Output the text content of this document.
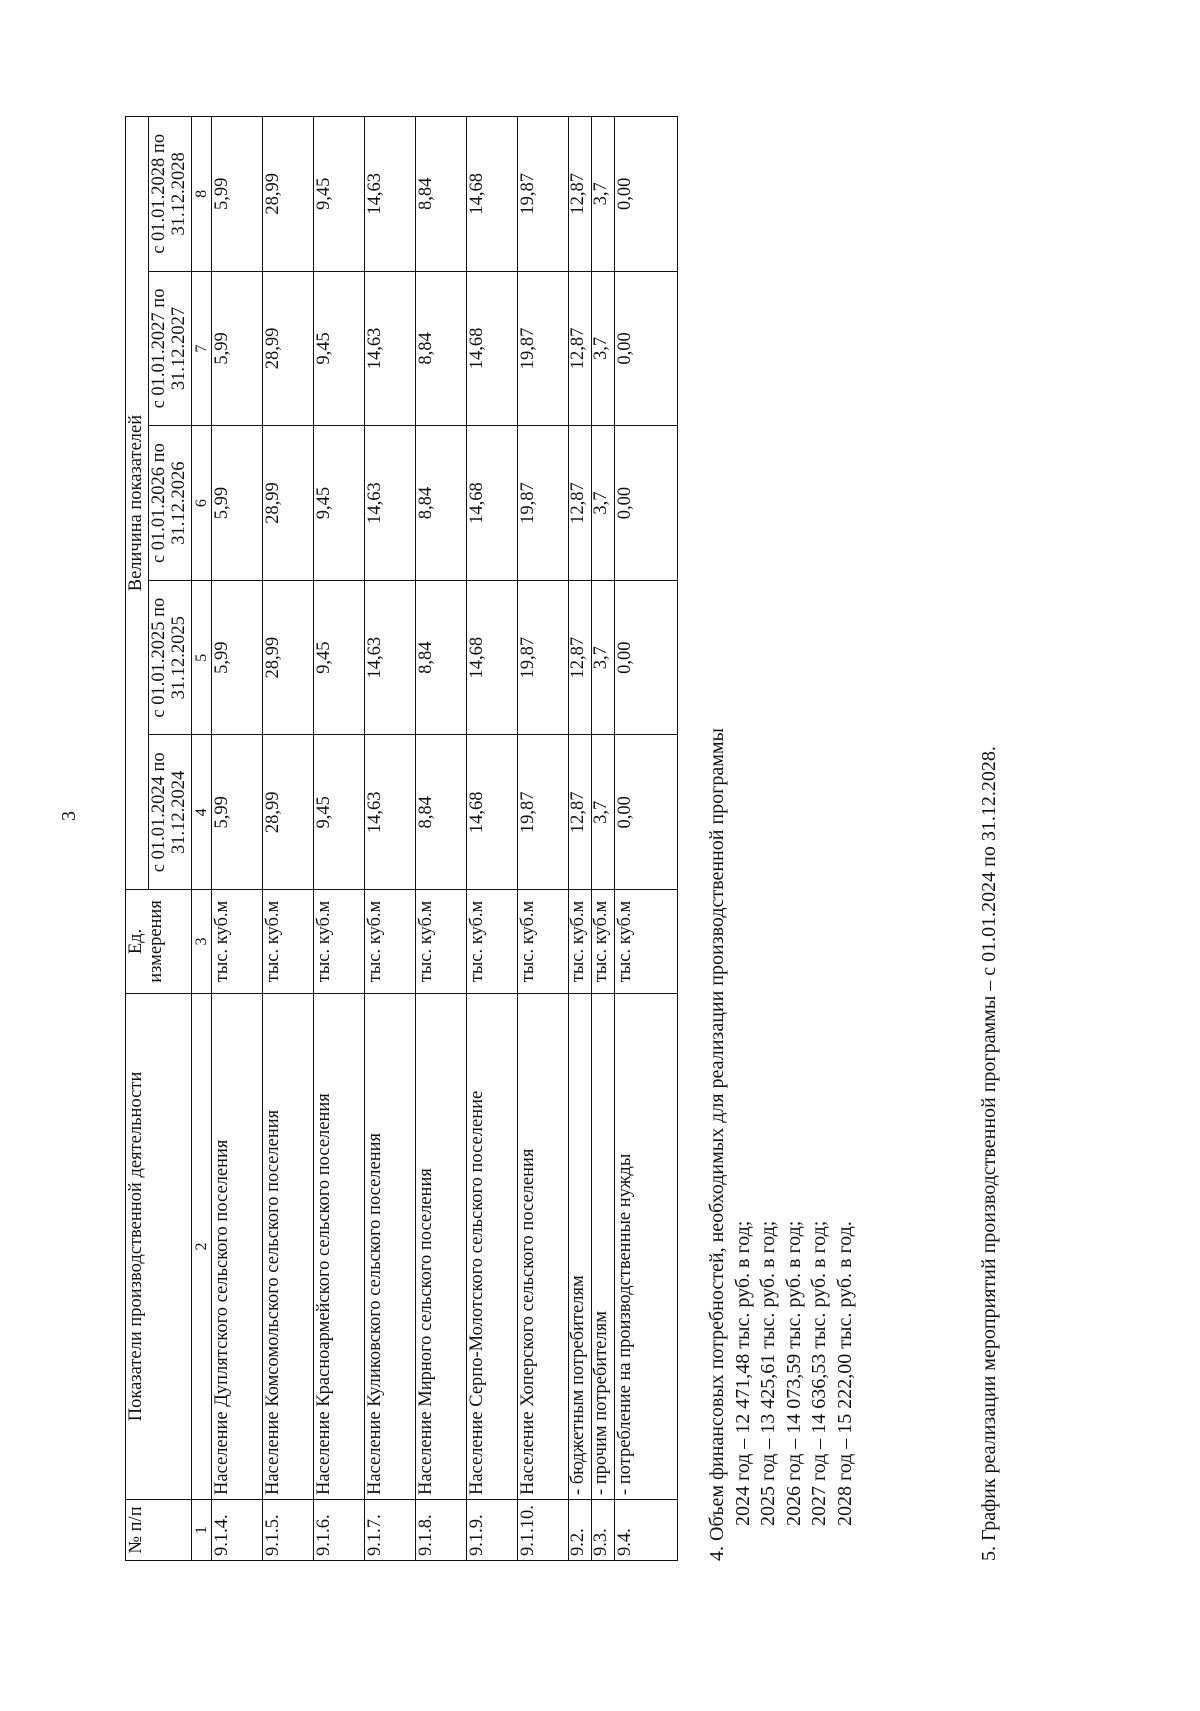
3
№ п/п	Показатели производственной деятельности	Ед. измерения	Величина показателей				
			с 01.01.2024 по 31.12.2024	с 01.01.2025 по 31.12.2025	с 01.01.2026 по 31.12.2026	с 01.01.2027 по 31.12.2027	с 01.01.2028 по 31.12.2028
1	2	3	4	5	6	7	8
9.1.4.	Население Дуплятского сельского поселения	тыс. куб.м	5,99	5,99	5,99	5,99	5,99
9.1.5.	Население Комсомольского сельского поселения	тыс. куб.м	28,99	28,99	28,99	28,99	28,99
9.1.6.	Население Красноармейского сельского поселения	тыс. куб.м	9,45	9,45	9,45	9,45	9,45
9.1.7.	Население Куликовского сельского поселения	тыс. куб.м	14,63	14,63	14,63	14,63	14,63
9.1.8.	Население Мирного сельского поселения	тыс. куб.м	8,84	8,84	8,84	8,84	8,84
9.1.9.	Население Серпо-Молотского сельского поселение	тыс. куб.м	14,68	14,68	14,68	14,68	14,68
9.1.10.	Население Хоперского сельского поселения	тыс. куб.м	19,87	19,87	19,87	19,87	19,87
9.2.	- бюджетным потребителям	тыс. куб.м	12,87	12,87	12,87	12,87	12,87
9.3.	- прочим потребителям	тыс. куб.м	3,7	3,7	3,7	3,7	3,7
9.4.	- потребление на производственные нужды	тыс. куб.м	0,00	0,00	0,00	0,00	0,00
4. Объем финансовых потребностей, необходимых для реализации производственной программы 2024 год – 12 471,48 тыс. руб. в год; 2025 год – 13 425,61 тыс. руб. в год; 2026 год – 14 073,59 тыс. руб. в год; 2027 год – 14 636,53 тыс. руб. в год; 2028 год – 15 222,00 тыс. руб. в год.	5. График реализации мероприятий производственной программы – с 01.01.2024 по 31.12.2028.
